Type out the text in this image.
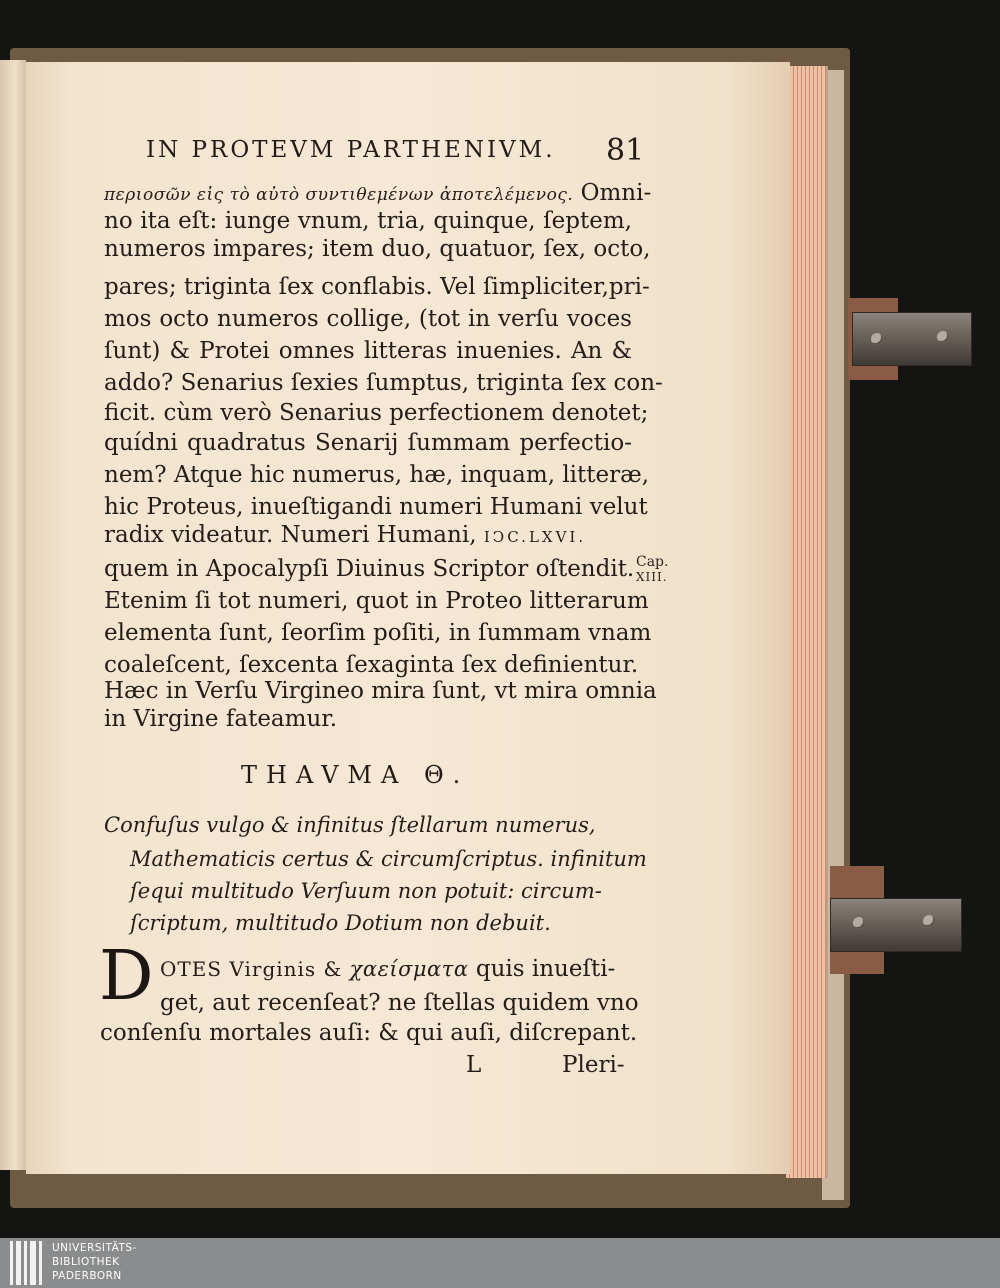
IN PROTEVM PARTHENIVM. 81
περιοσῶν εἰς τὸ αὐτὸ συντιθεμένων ἀποτελέμενος. Omni-
no ita eſt: iunge vnum, tria, quinque, ſeptem,
numeros impares; item duo, quatuor, ſex, octo,
pares; triginta ſex conflabis. Vel ſimpliciter,pri-
mos octo numeros collige, (tot in verſu voces
ſunt) & Protei omnes litteras inuenies. An &
addo? Senarius ſexies ſumptus, triginta ſex con-
ficit. cùm verò Senarius perfectionem denotet;
quídni quadratus Senarij ſummam perfectio-
nem? Atque hic numerus, hæ, inquam, litteræ,
hic Proteus, inueſtigandi numeri Humani velut
radix videatur. Numeri Humani, IↃC.LXVI.
quem in Apocalypſi Diuinus Scriptor oſtendit.
Etenim ſi tot numeri, quot in Proteo litterarum
elementa ſunt, ſeorſim poſiti, in ſummam vnam
coaleſcent, ſexcenta ſexaginta ſex definientur.
Hæc in Verſu Virgineo mira ſunt, vt mira omnia
in Virgine fateamur.
Cap.
XIII.
THAVMA Θ.
Confuſus vulgo & infinitus ſtellarum numerus,
Mathematicis certus & circumſcriptus. infinitum
ſequi multitudo Verſuum non potuit: circum-
ſcriptum, multitudo Dotium non debuit.
D OTES Virginis & χαείσματα quis inueſti-
get, aut recenſeat? ne ſtellas quidem vno
conſenſu mortales auſi: & qui auſi, diſcrepant.
L	Pleri-
UNIVERSITÄTS-
BIBLIOTHEK
PADERBORN
